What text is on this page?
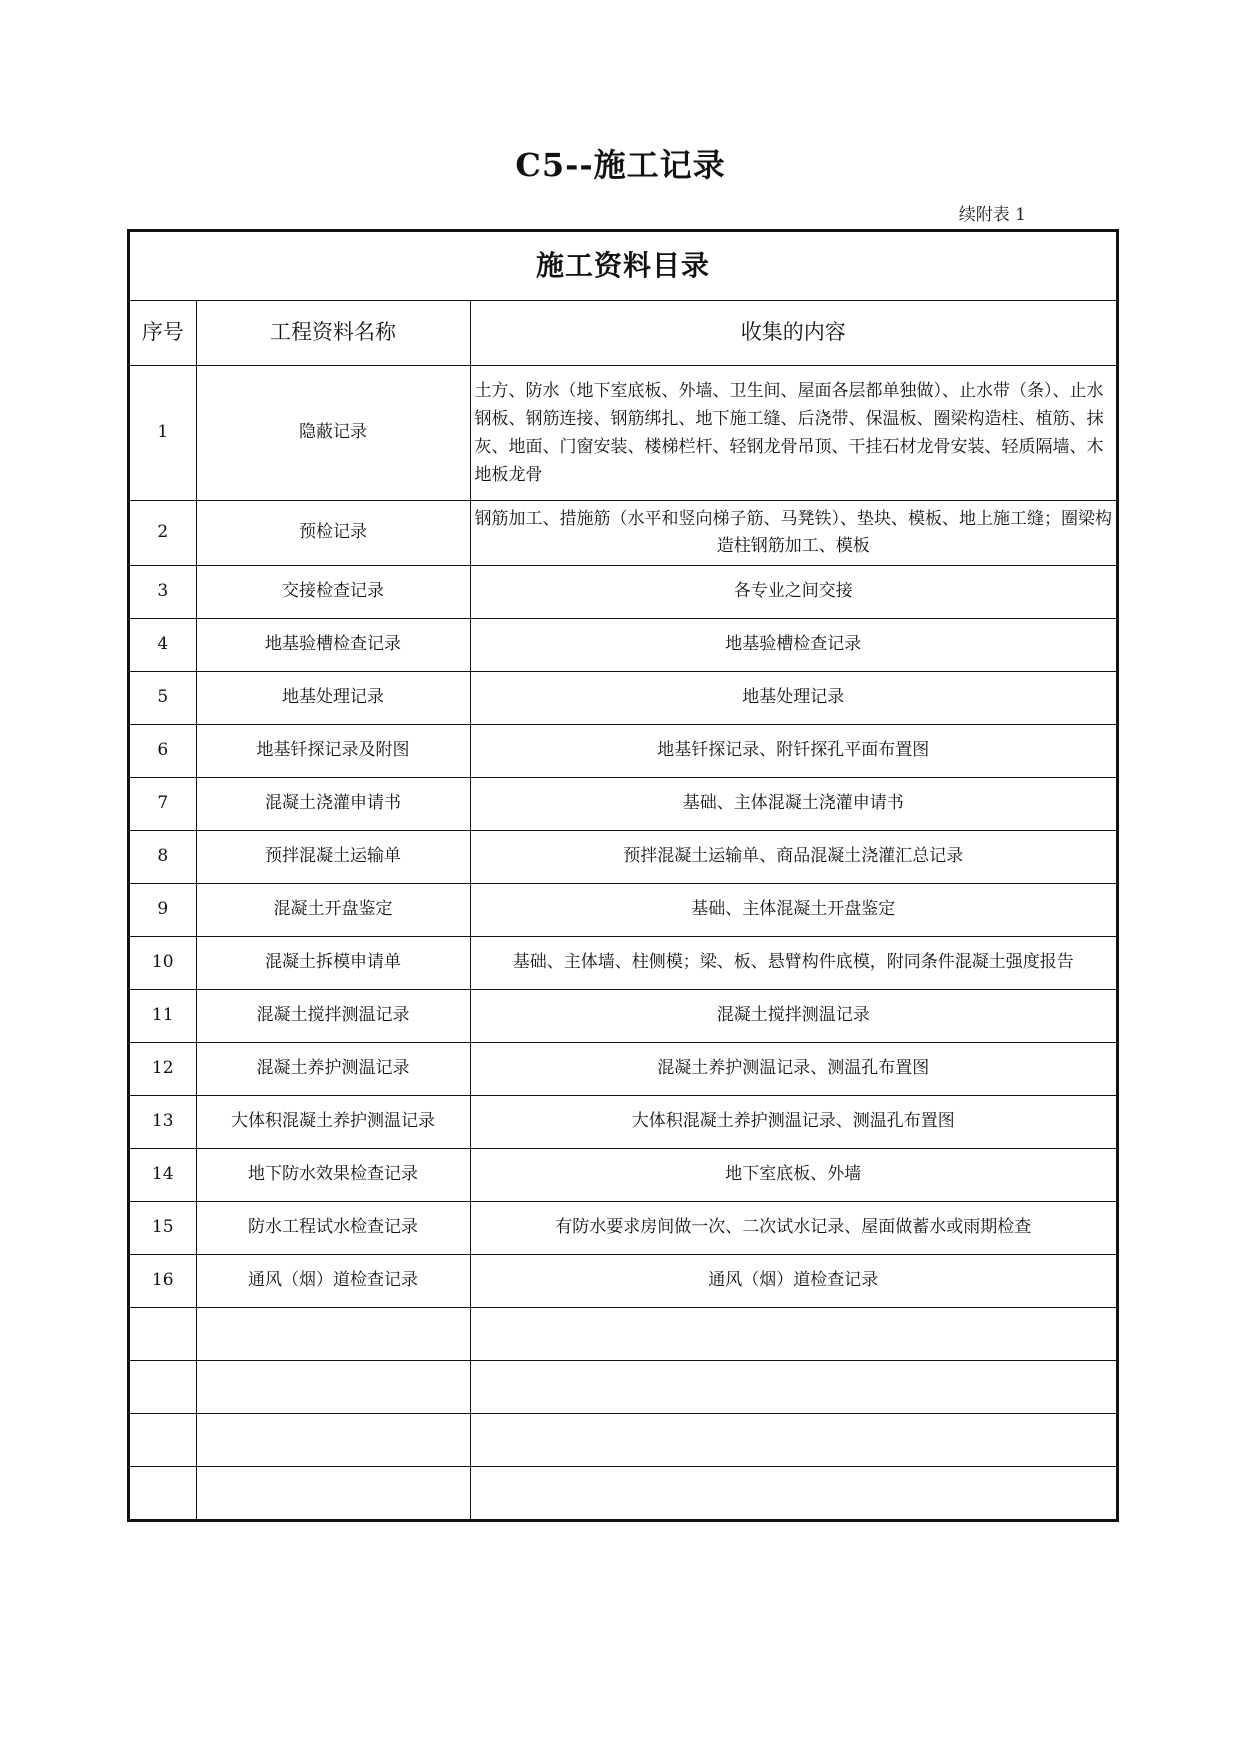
C5--施工记录
续附表 1
施工资料目录		
序号	工程资料名称	收集的内容
1	隐蔽记录	土方、防水（地下室底板、外墙、卫生间、屋面各层都单独做）、止水带（条）、止水钢板、钢筋连接、钢筋绑扎、地下施工缝、后浇带、保温板、圈梁构造柱、植筋、抹灰、地面、门窗安装、楼梯栏杆、轻钢龙骨吊顶、干挂石材龙骨安装、轻质隔墙、木地板龙骨
2	预检记录	钢筋加工、措施筋（水平和竖向梯子筋、马凳铁）、垫块、模板、地上施工缝；圈梁构造柱钢筋加工、模板
3	交接检查记录	各专业之间交接
4	地基验槽检查记录	地基验槽检查记录
5	地基处理记录	地基处理记录
6	地基钎探记录及附图	地基钎探记录、附钎探孔平面布置图
7	混凝土浇灌申请书	基础、主体混凝土浇灌申请书
8	预拌混凝土运输单	预拌混凝土运输单、商品混凝土浇灌汇总记录
9	混凝土开盘鉴定	基础、主体混凝土开盘鉴定
10	混凝土拆模申请单	基础、主体墙、柱侧模；梁、板、悬臂构件底模，附同条件混凝土强度报告
11	混凝土搅拌测温记录	混凝土搅拌测温记录
12	混凝土养护测温记录	混凝土养护测温记录、测温孔布置图
13	大体积混凝土养护测温记录	大体积混凝土养护测温记录、测温孔布置图
14	地下防水效果检查记录	地下室底板、外墙
15	防水工程试水检查记录	有防水要求房间做一次、二次试水记录、屋面做蓄水或雨期检查
16	通风（烟）道检查记录	通风（烟）道检查记录
